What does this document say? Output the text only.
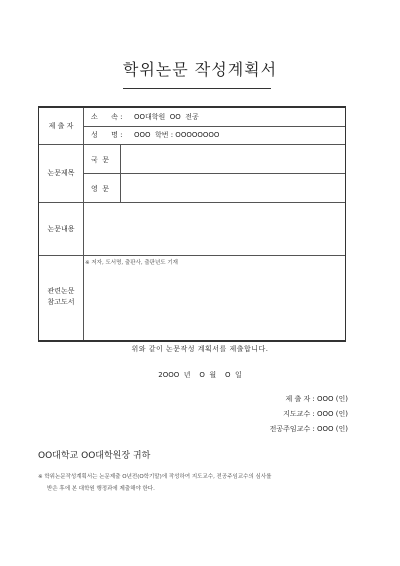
학위논문 작성계획서
제 출 자
논문제목
논문내용
관련논문
참고도서
소      속 : OO대학원  OO  전공
성      명 : OOO  학번 : OOOOOOOO
국  문
영  문
※ 저자, 도서명, 출판사, 출판년도 기재
위와 같이 논문작성 계획서를 제출합니다.
2OOO  년    O  월    O  일
제 출 자 : OOO (인)
지도교수 : OOO (인)
전공주임교수 : OOO (인)
OO대학교 OO대학원장 귀하
※ 학위논문작성계획서는 논문제출 O년전(O학기말)에 작성하여 지도교수, 전공주임교수의 심사를
받은 후에 본 대학원 행정과에 제출해야 한다.
